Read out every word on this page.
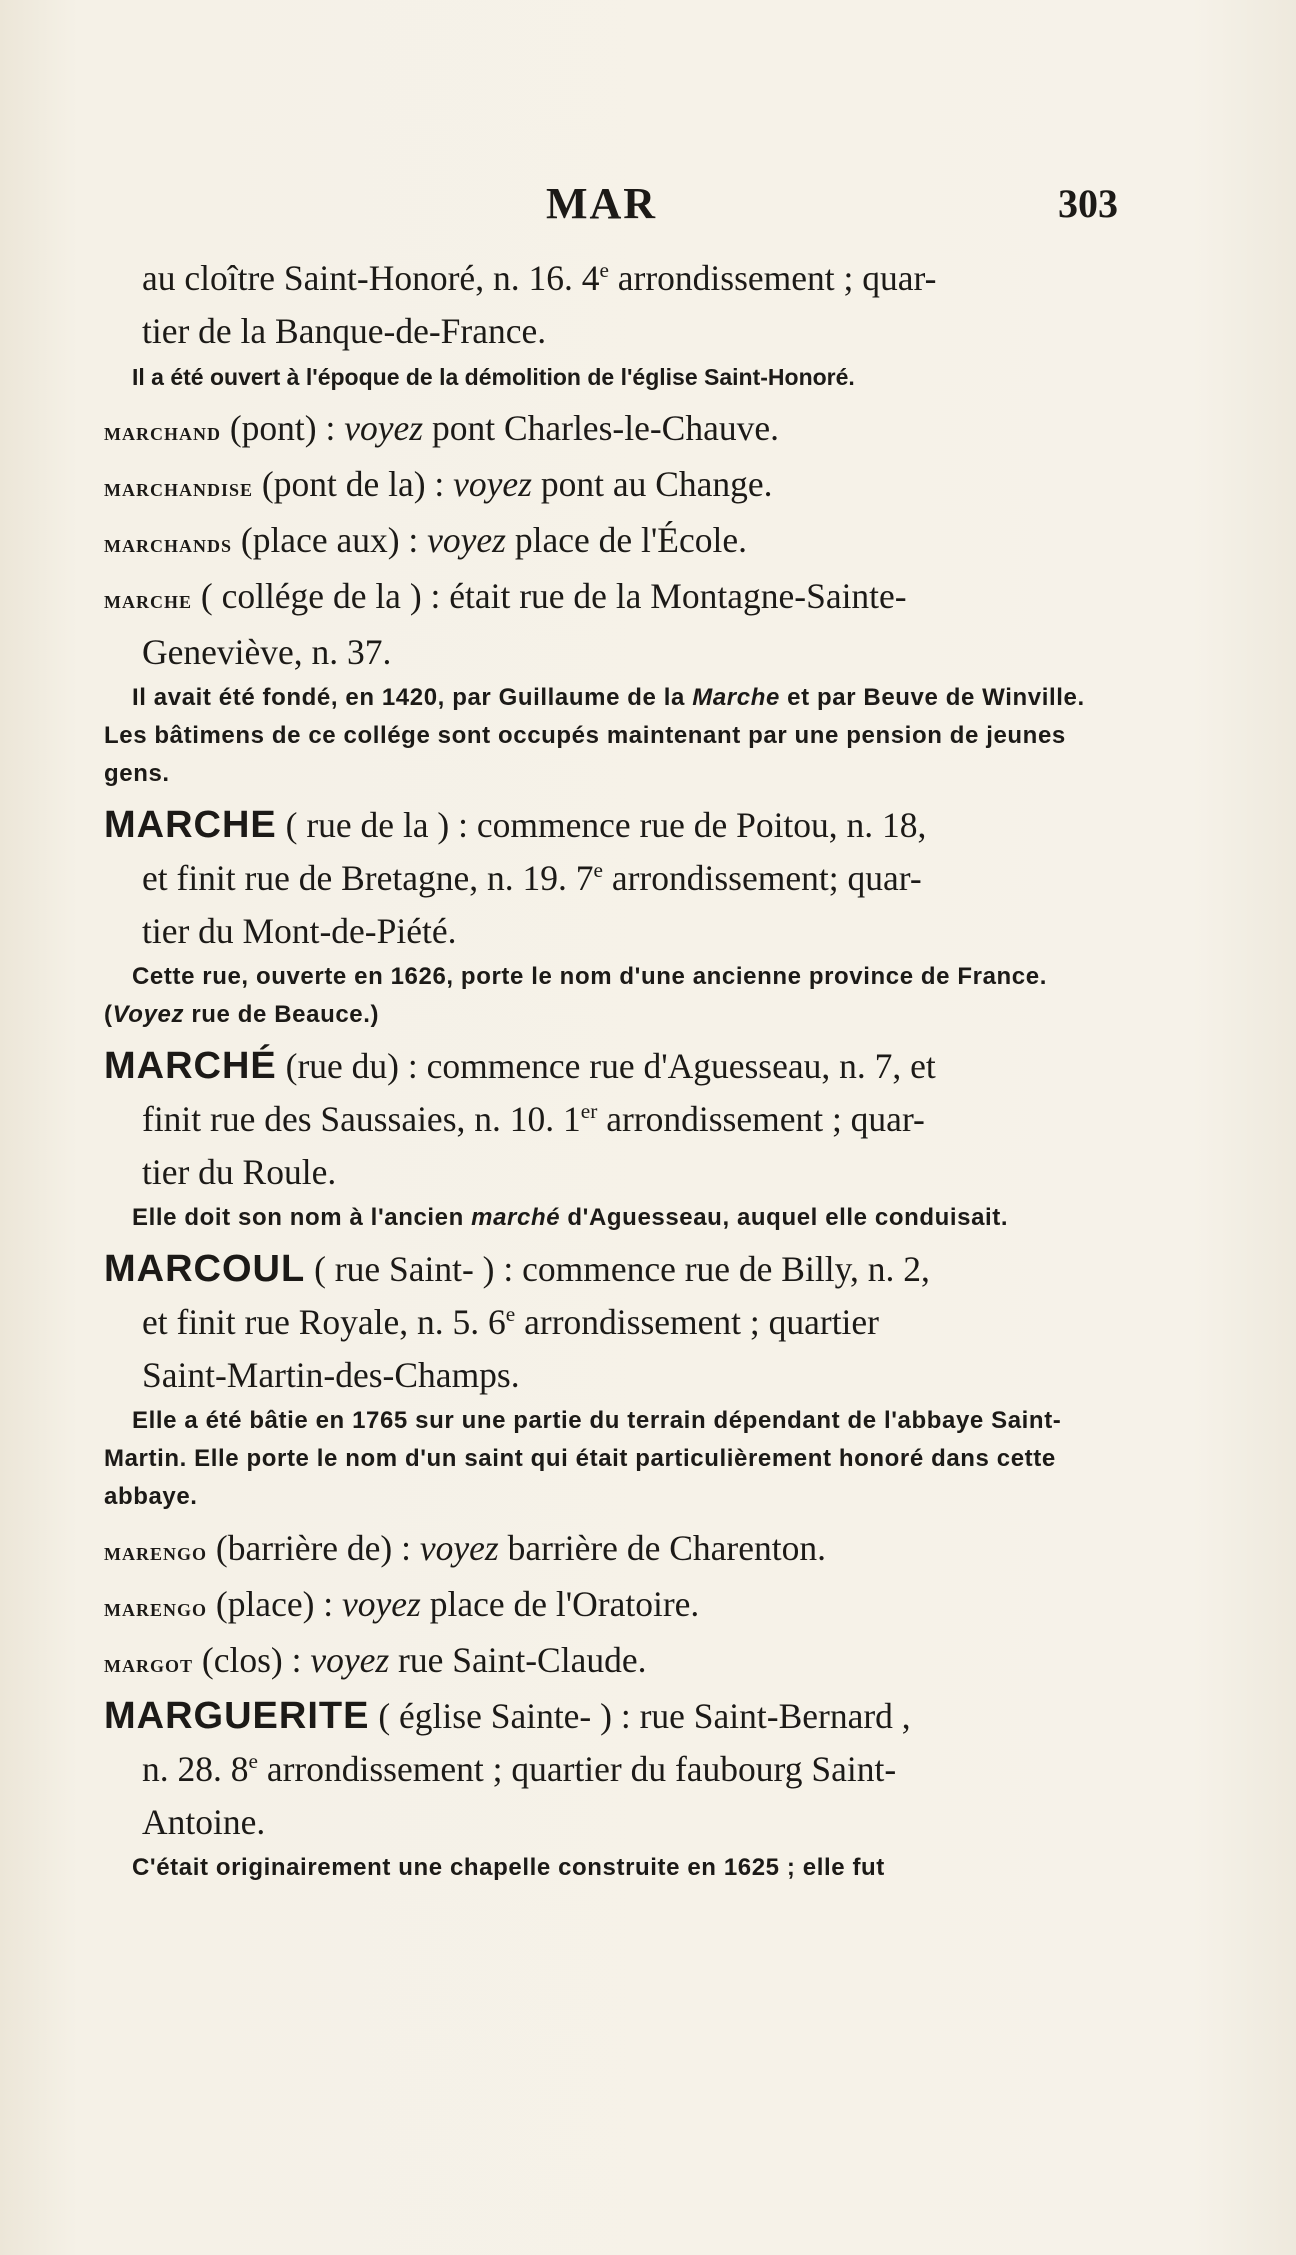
MAR	303

au cloître Saint-Honoré, n. 16. 4e arrondissement ; quar-
tier de la Banque-de-France.

Il a été ouvert à l'époque de la démolition de l'église Saint-Honoré.

marchand (pont) : voyez pont Charles-le-Chauve.

marchandise (pont de la) : voyez pont au Change.

marchands (place aux) : voyez place de l'École.

marche ( collége de la ) : était rue de la Montagne-Sainte-
Geneviève, n. 37.

Il avait été fondé, en 1420, par Guillaume de la Marche et par Beuve de Winville. Les bâtimens de ce collége sont occupés maintenant par une pension de jeunes gens.

MARCHE ( rue de la ) : commence rue de Poitou, n. 18,
et finit rue de Bretagne, n. 19. 7e arrondissement; quar-
tier du Mont-de-Piété.

Cette rue, ouverte en 1626, porte le nom d'une ancienne province de France. (Voyez rue de Beauce.)

MARCHÉ (rue du) : commence rue d'Aguesseau, n. 7, et
finit rue des Saussaies, n. 10. 1er arrondissement ; quar-
tier du Roule.

Elle doit son nom à l'ancien marché d'Aguesseau, auquel elle conduisait.

MARCOUL ( rue Saint- ) : commence rue de Billy, n. 2,
et finit rue Royale, n. 5. 6e arrondissement ; quartier
Saint-Martin-des-Champs.

Elle a été bâtie en 1765 sur une partie du terrain dépendant de l'abbaye Saint-Martin. Elle porte le nom d'un saint qui était particulièrement honoré dans cette abbaye.

marengo (barrière de) : voyez barrière de Charenton.

marengo (place) : voyez place de l'Oratoire.

margot (clos) : voyez rue Saint-Claude.

MARGUERITE ( église Sainte- ) : rue Saint-Bernard ,
n. 28. 8e arrondissement ; quartier du faubourg Saint-
Antoine.

C'était originairement une chapelle construite en 1625 ; elle fut
